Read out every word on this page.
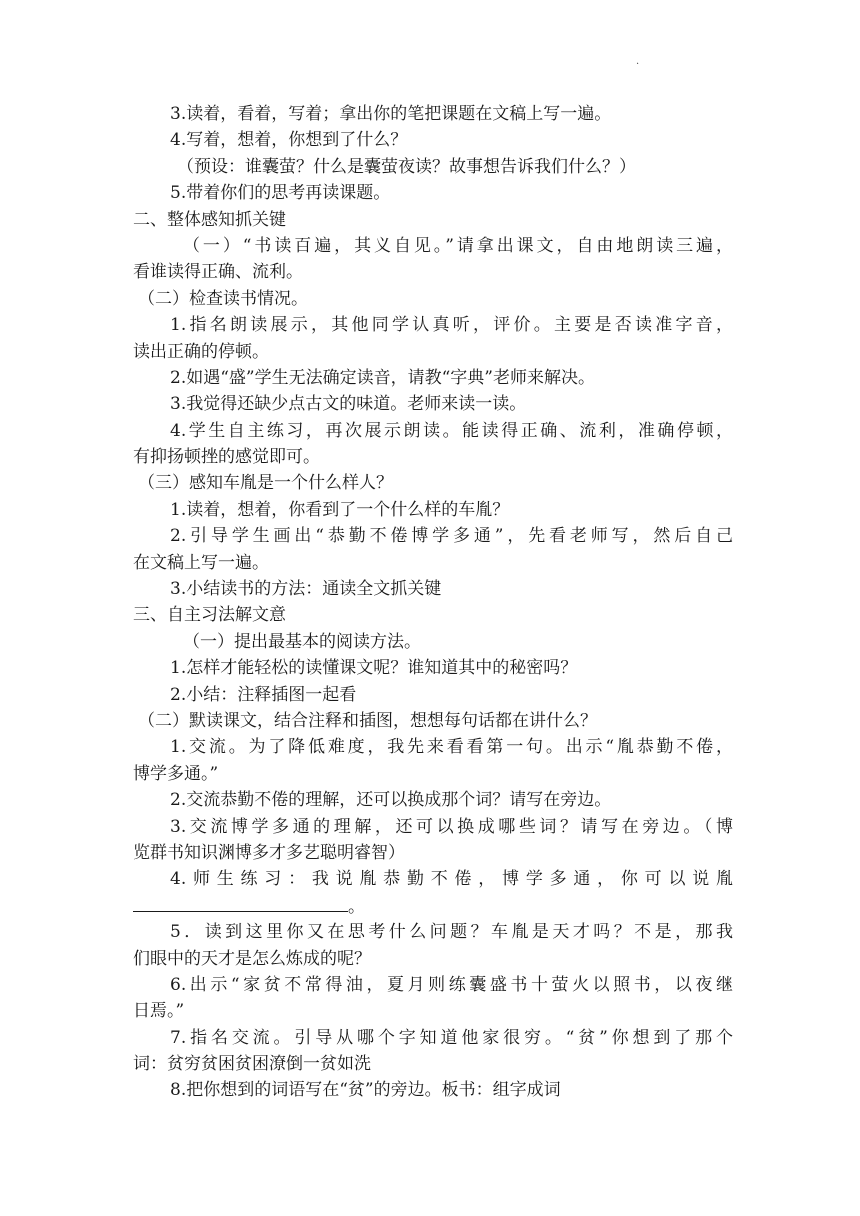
·
3.读着，看着，写着；拿出你的笔把课题在文稿上写一遍。
4.写着，想着，你想到了什么？
（预设：谁囊萤？什么是囊萤夜读？故事想告诉我们什么？）
5.带着你们的思考再读课题。
二、整体感知抓关键
（一）“书读百遍，其义自见。”请拿出课文，自由地朗读三遍，
看谁读得正确、流利。
（二）检查读书情况。
1.指名朗读展示，其他同学认真听，评价。主要是否读准字音，
读出正确的停顿。
2.如遇“盛”学生无法确定读音，请教“字典”老师来解决。
3.我觉得还缺少点古文的味道。老师来读一读。
4.学生自主练习，再次展示朗读。能读得正确、流利，准确停顿，
有抑扬顿挫的感觉即可。
（三）感知车胤是一个什么样人？
1.读着，想着，你看到了一个什么样的车胤？
2.引导学生画出“恭勤不倦博学多通”，先看老师写，然后自己
在文稿上写一遍。
3.小结读书的方法：通读全文抓关键
三、自主习法解文意
（一）提出最基本的阅读方法。
1.怎样才能轻松的读懂课文呢？谁知道其中的秘密吗？
2.小结：注释插图一起看
（二）默读课文，结合注释和插图，想想每句话都在讲什么？
1.交流。为了降低难度，我先来看看第一句。出示“胤恭勤不倦，
博学多通。”
2.交流恭勤不倦的理解，还可以换成那个词？请写在旁边。
3.交流博学多通的理解，还可以换成哪些词？请写在旁边。（博
览群书知识渊博多才多艺聪明睿智）
4.师生练习：我说胤恭勤不倦，博学多通，你可以说胤
。
5．读到这里你又在思考什么问题？车胤是天才吗？不是，那我
们眼中的天才是怎么炼成的呢？
6.出示“家贫不常得油，夏月则练囊盛书十萤火以照书，以夜继
日焉。”
7.指名交流。引导从哪个字知道他家很穷。“贫”你想到了那个
词：贫穷贫困贫困潦倒一贫如洗
8.把你想到的词语写在“贫”的旁边。板书：组字成词
